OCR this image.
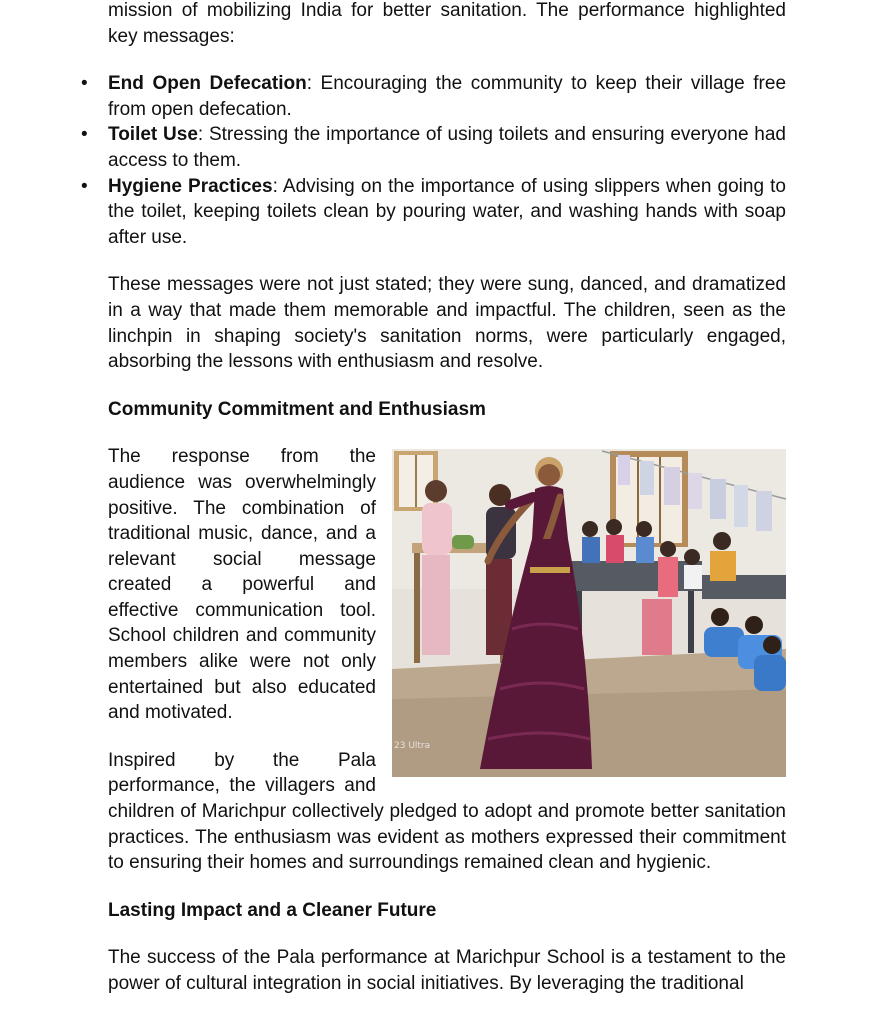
mission of mobilizing India for better sanitation. The performance highlighted
key messages:

• End Open Defecation: Encouraging the community to keep their village free from open defecation.
• Toilet Use: Stressing the importance of using toilets and ensuring everyone had access to them.
• Hygiene Practices: Advising on the importance of using slippers when going to the toilet, keeping toilets clean by pouring water, and washing hands with soap after use.

These messages were not just stated; they were sung, danced, and dramatized in a way that made them memorable and impactful. The children, seen as the linchpin in shaping society's sanitation norms, were particularly engaged, absorbing the lessons with enthusiasm and resolve.

Community Commitment and Enthusiasm
23 Ultra

The response from the audience was overwhelmingly positive. The combination of traditional music, dance, and a relevant social message created a powerful and effective communication tool. School children and community members alike were not only entertained but also educated and motivated.

Inspired by the Pala performance, the villagers and children of Marichpur collectively pledged to adopt and promote better sanitation practices. The enthusiasm was evident as mothers expressed their commitment to ensuring their homes and surroundings remained clean and hygienic.

Lasting Impact and a Cleaner Future

The success of the Pala performance at Marichpur School is a testament to the power of cultural integration in social initiatives. By leveraging the traditional
